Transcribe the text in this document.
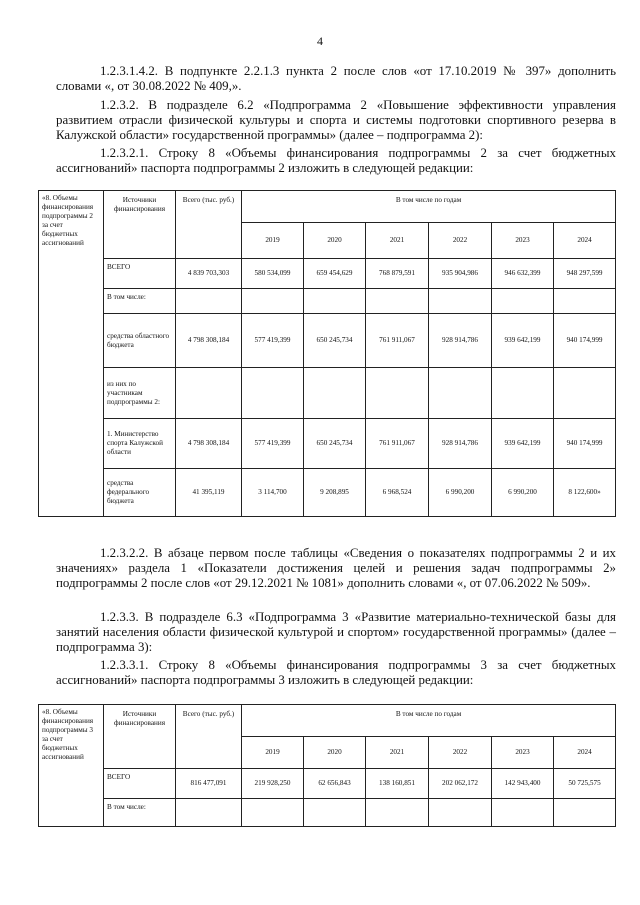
4

1.2.3.1.4.2. В подпункте 2.2.1.3 пункта 2 после слов «от 17.10.2019 № 397» дополнить словами «, от 30.08.2022 № 409,».

1.2.3.2. В подразделе 6.2 «Подпрограмма 2 «Повышение эффективности управления развитием отрасли физической культуры и спорта и системы подготовки спортивного резерва в Калужской области» государственной программы» (далее – подпрограмма 2):

1.2.3.2.1. Строку 8 «Объемы финансирования подпрограммы 2 за счет бюджетных ассигнований» паспорта подпрограммы 2 изложить в следующей редакции:

«8. Объемы финансирования подпрограммы 2 за счет бюджетных ассигнований	Источники финансирования	Всего (тыс. руб.)	В том числе по годам					
			2019	2020	2021	2022	2023	2024
	ВСЕГО	4 839 703,303	580 534,099	659 454,629	768 879,591	935 904,986	946 632,399	948 297,599
	В том числе:							
	средства областного бюджета	4 798 308,184	577 419,399	650 245,734	761 911,067	928 914,786	939 642,199	940 174,999
	из них по участникам подпрограммы 2:							
	1. Министерство спорта Калужской области	4 798 308,184	577 419,399	650 245,734	761 911,067	928 914,786	939 642,199	940 174,999
	средства федерального бюджета	41 395,119	3 114,700	9 208,895	6 968,524	6 990,200	6 990,200	8 122,600»

1.2.3.2.2. В абзаце первом после таблицы «Сведения о показателях подпрограммы 2 и их значениях» раздела 1 «Показатели достижения целей и решения задач подпрограммы 2» подпрограммы 2 после слов «от 29.12.2021 № 1081» дополнить словами «, от 07.06.2022 № 509».

1.2.3.3. В подразделе 6.3 «Подпрограмма 3 «Развитие материально-технической базы для занятий населения области физической культурой и спортом» государственной программы» (далее – подпрограмма 3):

1.2.3.3.1. Строку 8 «Объемы финансирования подпрограммы 3 за счет бюджетных ассигнований» паспорта подпрограммы 3 изложить в следующей редакции:

«8. Объемы финансирования подпрограммы 3 за счет бюджетных ассигнований	Источники финансирования	Всего (тыс. руб.)	В том числе по годам					
			2019	2020	2021	2022	2023	2024
	ВСЕГО	816 477,091	219 928,250	62 656,843	138 160,851	202 062,172	142 943,400	50 725,575
	В том числе:							
